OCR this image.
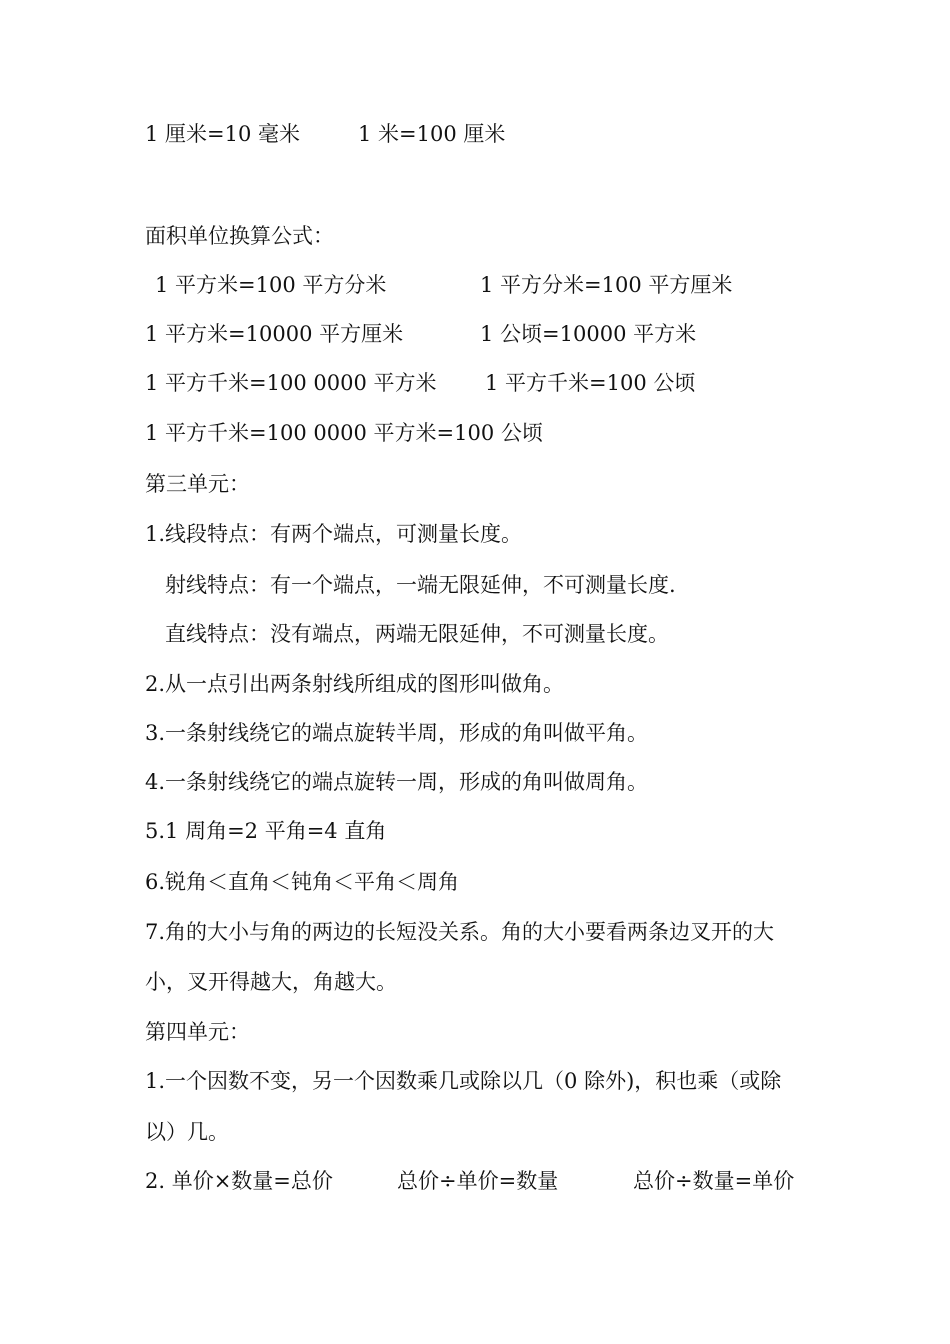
1 厘米=10 毫米	1 米=100 厘米
面积单位换算公式：
1 平方米=100 平方分米	1 平方分米=100 平方厘米
1 平方米=10000 平方厘米	1 公顷=10000 平方米
1 平方千米=100 0000 平方米 1 平方千米=100 公顷
1 平方千米=100 0000 平方米=100 公顷
第三单元：
1.线段特点：有两个端点，可测量长度。
射线特点：有一个端点，一端无限延伸，不可测量长度.
直线特点：没有端点，两端无限延伸，不可测量长度。
2.从一点引出两条射线所组成的图形叫做角。
3.一条射线绕它的端点旋转半周，形成的角叫做平角。
4.一条射线绕它的端点旋转一周，形成的角叫做周角。
5.1 周角=2 平角=4 直角
6.锐角＜直角＜钝角＜平角＜周角
7.角的大小与角的两边的长短没关系。角的大小要看两条边叉开的大
小，叉开得越大，角越大。
第四单元：
1.一个因数不变，另一个因数乘几或除以几（0 除外)，积也乘（或除
以）几。
2. 单价×数量=总价	总价÷单价=数量	总价÷数量=单价
